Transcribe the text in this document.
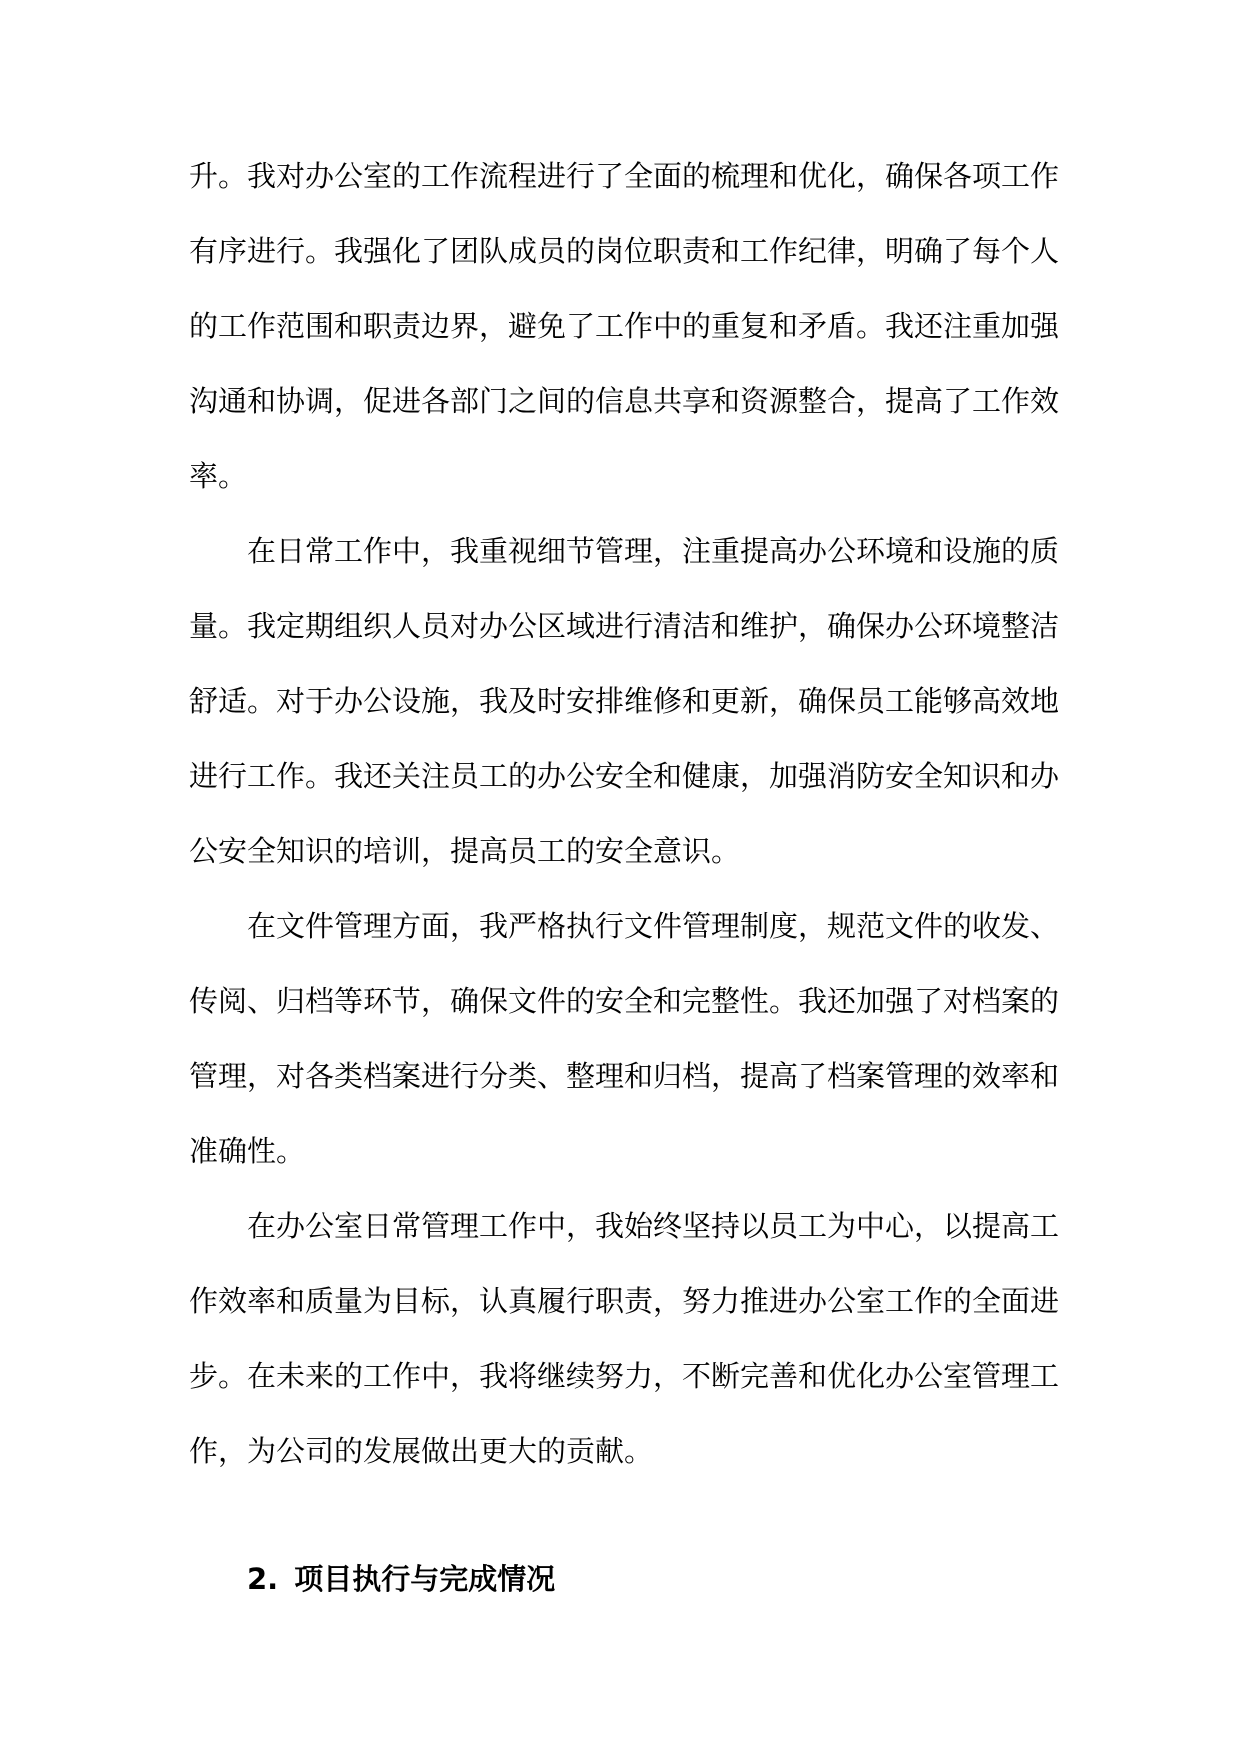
升。我对办公室的工作流程进行了全面的梳理和优化，确保各项工作有序进行。我强化了团队成员的岗位职责和工作纪律，明确了每个人的工作范围和职责边界，避免了工作中的重复和矛盾。我还注重加强沟通和协调，促进各部门之间的信息共享和资源整合，提高了工作效率。

在日常工作中，我重视细节管理，注重提高办公环境和设施的质量。我定期组织人员对办公区域进行清洁和维护，确保办公环境整洁舒适。对于办公设施，我及时安排维修和更新，确保员工能够高效地进行工作。我还关注员工的办公安全和健康，加强消防安全知识和办公安全知识的培训，提高员工的安全意识。

在文件管理方面，我严格执行文件管理制度，规范文件的收发、传阅、归档等环节，确保文件的安全和完整性。我还加强了对档案的管理，对各类档案进行分类、整理和归档，提高了档案管理的效率和准确性。

在办公室日常管理工作中，我始终坚持以员工为中心，以提高工作效率和质量为目标，认真履行职责，努力推进办公室工作的全面进步。在未来的工作中，我将继续努力，不断完善和优化办公室管理工作，为公司的发展做出更大的贡献。

2. 项目执行与完成情况
